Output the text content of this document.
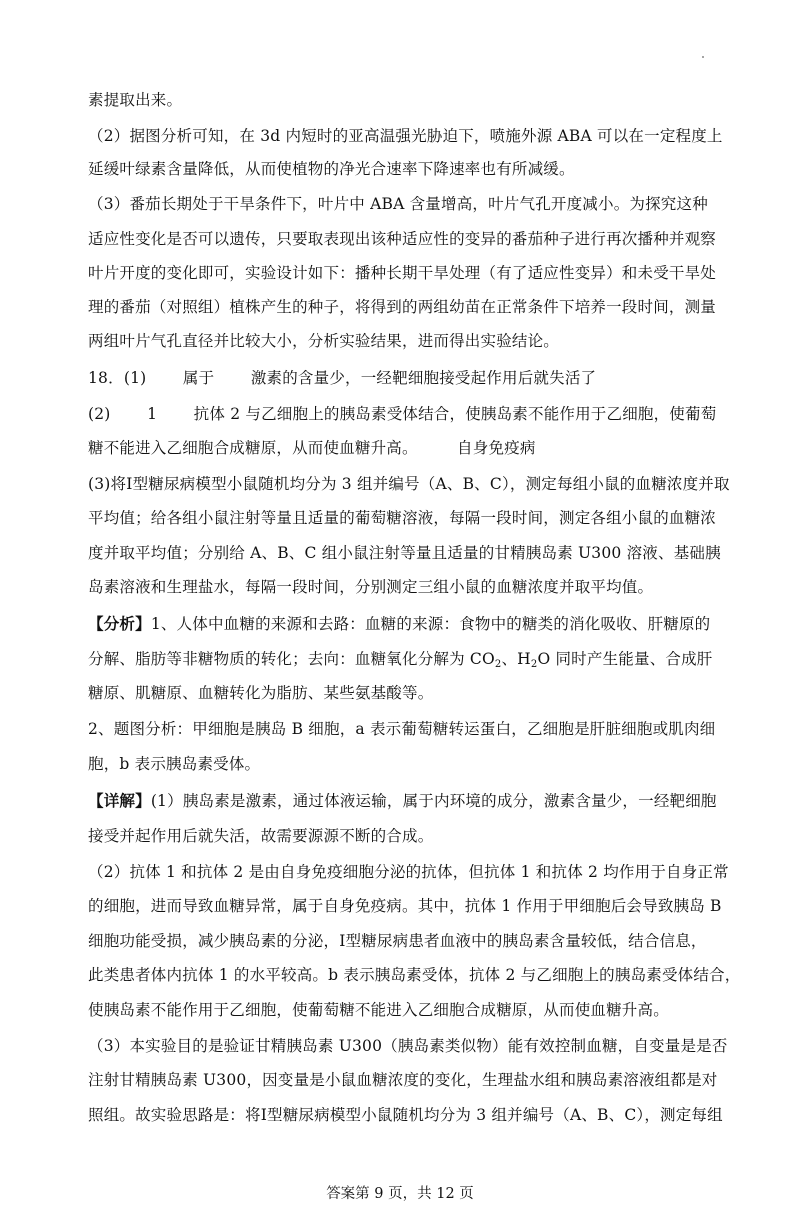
素提取出来。
（2）据图分析可知，在 3d 内短时的亚高温强光胁迫下，喷施外源 ABA 可以在一定程度上
延缓叶绿素含量降低，从而使植物的净光合速率下降速率也有所减缓。
（3）番茄长期处于干旱条件下，叶片中 ABA 含量增高，叶片气孔开度减小。为探究这种
适应性变化是否可以遗传，只要取表现出该种适应性的变异的番茄种子进行再次播种并观察
叶片开度的变化即可，实验设计如下：播种长期干旱处理（有了适应性变异）和未受干旱处
理的番茄（对照组）植株产生的种子，将得到的两组幼苗在正常条件下培养一段时间，测量
两组叶片气孔直径并比较大小，分析实验结果，进而得出实验结论。
18．(1)　　 属于　　 激素的含量少，一经靶细胞接受起作用后就失活了
(2)　　 1　　 抗体 2 与乙细胞上的胰岛素受体结合，使胰岛素不能作用于乙细胞，使葡萄
糖不能进入乙细胞合成糖原，从而使血糖升高。　　　自身免疫病
(3)将Ⅰ型糖尿病模型小鼠随机均分为 3 组并编号（A、B、C），测定每组小鼠的血糖浓度并取
平均值；给各组小鼠注射等量且适量的葡萄糖溶液，每隔一段时间，测定各组小鼠的血糖浓
度并取平均值；分别给 A、B、C 组小鼠注射等量且适量的甘精胰岛素 U300 溶液、基础胰
岛素溶液和生理盐水，每隔一段时间，分别测定三组小鼠的血糖浓度并取平均值。
【分析】1、人体中血糖的来源和去路：血糖的来源：食物中的糖类的消化吸收、肝糖原的
分解、脂肪等非糖物质的转化；去向：血糖氧化分解为 $CO_2$、$H_2O$ 同时产生能量、合成肝
糖原、肌糖原、血糖转化为脂肪、某些氨基酸等。
2、题图分析：甲细胞是胰岛 B 细胞，a 表示葡萄糖转运蛋白，乙细胞是肝脏细胞或肌肉细
胞，b 表示胰岛素受体。
【详解】(1）胰岛素是激素，通过体液运输，属于内环境的成分，激素含量少，一经靶细胞
接受并起作用后就失活，故需要源源不断的合成。
（2）抗体 1 和抗体 2 是由自身免疫细胞分泌的抗体，但抗体 1 和抗体 2 均作用于自身正常
的细胞，进而导致血糖异常，属于自身免疫病。其中，抗体 1 作用于甲细胞后会导致胰岛 B
细胞功能受损，减少胰岛素的分泌，Ⅰ型糖尿病患者血液中的胰岛素含量较低，结合信息，
此类患者体内抗体 1 的水平较高。b 表示胰岛素受体，抗体 2 与乙细胞上的胰岛素受体结合，
使胰岛素不能作用于乙细胞，使葡萄糖不能进入乙细胞合成糖原，从而使血糖升高。
（3）本实验目的是验证甘精胰岛素 U300（胰岛素类似物）能有效控制血糖，自变量是是否
注射甘精胰岛素 U300，因变量是小鼠血糖浓度的变化，生理盐水组和胰岛素溶液组都是对
照组。故实验思路是：将Ⅰ型糖尿病模型小鼠随机均分为 3 组并编号（A、B、C），测定每组
答案第 9 页，共 12 页
